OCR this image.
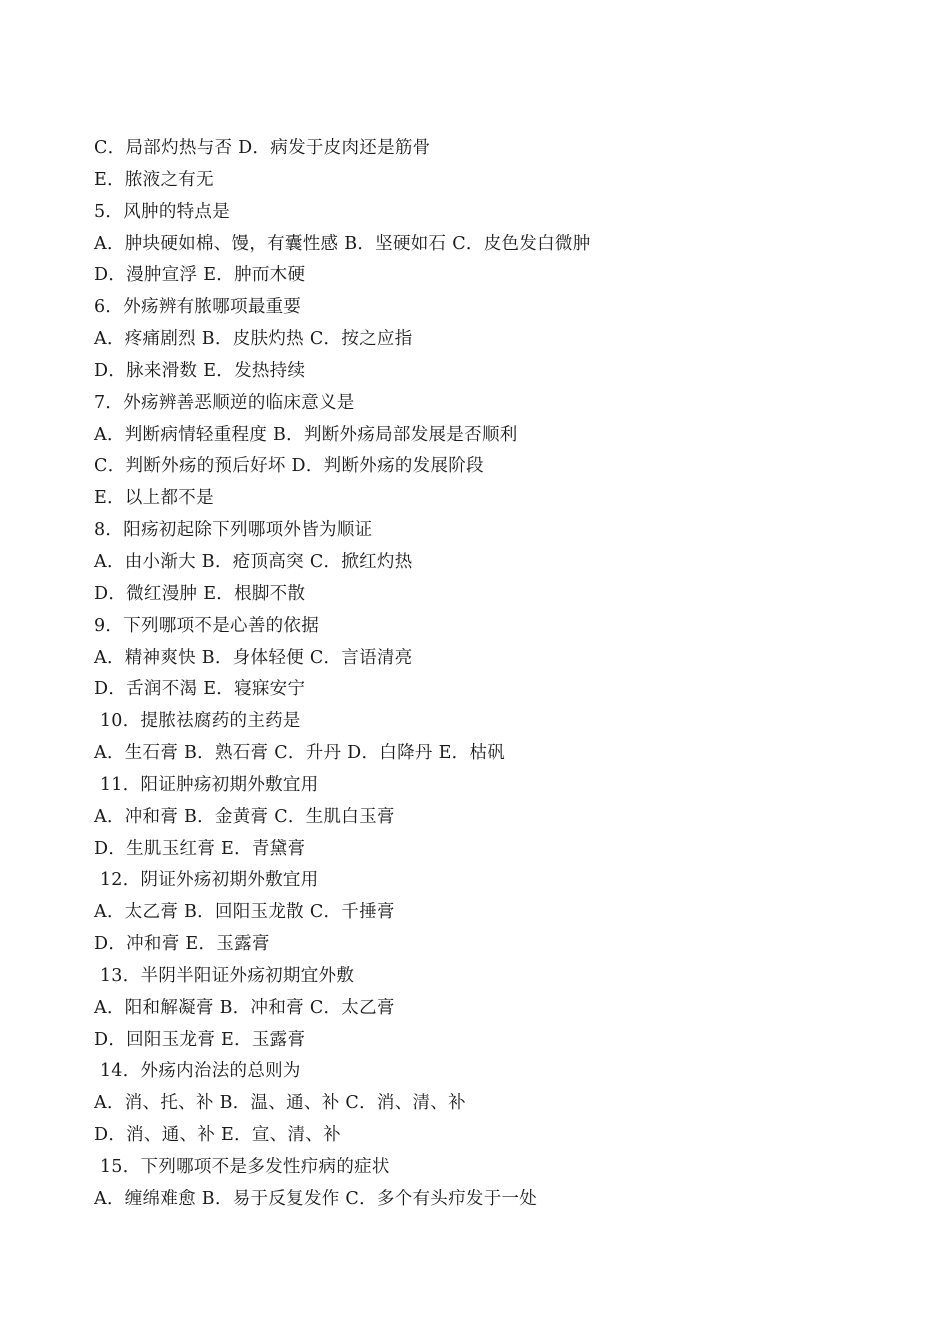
C．局部灼热与否 D．病发于皮肉还是筋骨
E．脓液之有无
5．风肿的特点是
A．肿块硬如棉、馒，有囊性感 B．坚硬如石 C．皮色发白微肿
D．漫肿宣浮 E．肿而木硬
6．外疡辨有脓哪项最重要
A．疼痛剧烈 B．皮肤灼热 C．按之应指
D．脉来滑数 E．发热持续
7．外疡辨善恶顺逆的临床意义是
A．判断病情轻重程度 B．判断外疡局部发展是否顺利
C．判断外疡的预后好坏 D．判断外疡的发展阶段
E．以上都不是
8．阳疡初起除下列哪项外皆为顺证
A．由小渐大 B．疮顶高突 C．掀红灼热
D．微红漫肿 E．根脚不散
9．下列哪项不是心善的依据
A．精神爽快 B．身体轻便 C．言语清亮
D．舌润不渴 E．寝寐安宁
10．提脓祛腐药的主药是
A．生石膏 B．熟石膏 C．升丹 D．白降丹 E．枯矾
11．阳证肿疡初期外敷宜用
A．冲和膏 B．金黄膏 C．生肌白玉膏
D．生肌玉红膏 E．青黛膏
12．阴证外疡初期外敷宜用
A．太乙膏 B．回阳玉龙散 C．千捶膏
D．冲和膏 E．玉露膏
13．半阴半阳证外疡初期宜外敷
A．阳和解凝膏 B．冲和膏 C．太乙膏
D．回阳玉龙膏 E．玉露膏
14．外疡内治法的总则为
A．消、托、补 B．温、通、补 C．消、清、补
D．消、通、补 E．宣、清、补
15．下列哪项不是多发性疖病的症状
A．缠绵难愈 B．易于反复发作 C．多个有头疖发于一处
